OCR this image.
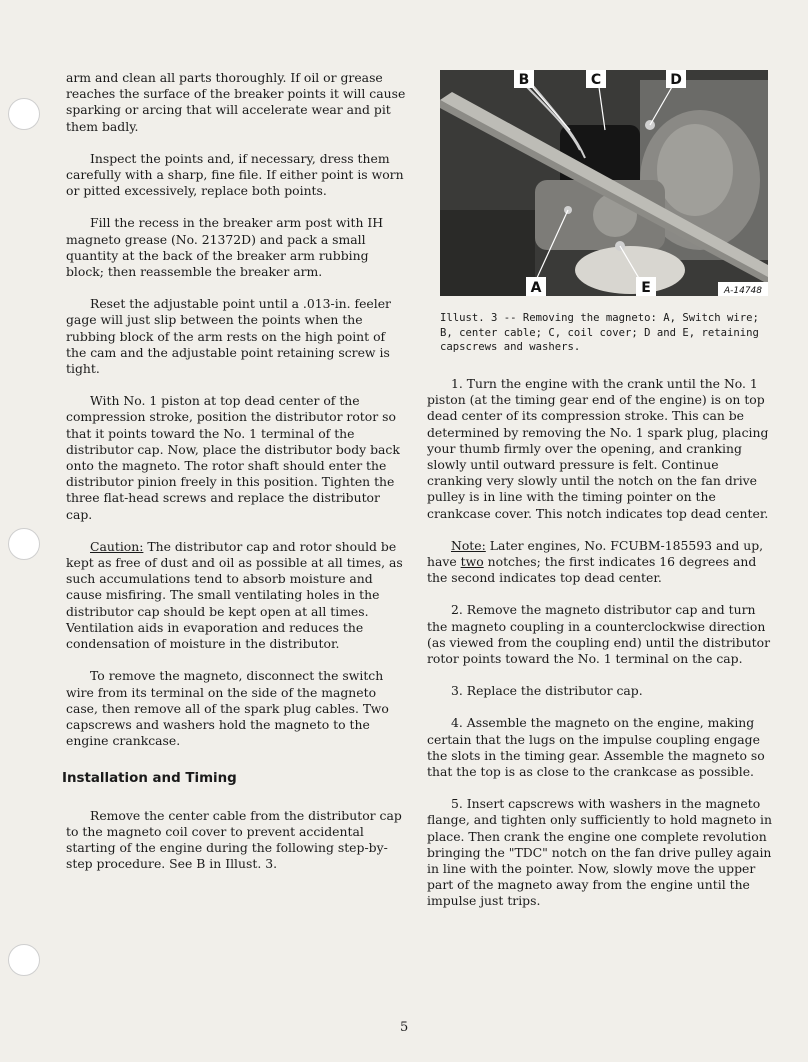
arm and clean all parts thoroughly. If oil or grease reaches the surface of the breaker points it will cause sparking or arcing that will accelerate wear and pit them badly.

Inspect the points and, if necessary, dress them carefully with a sharp, fine file. If either point is worn or pitted excessively, replace both points.

Fill the recess in the breaker arm post with IH magneto grease (No. 21372D) and pack a small quantity at the back of the breaker arm rubbing block; then reassemble the breaker arm.

Reset the adjustable point until a .013-in. feeler gage will just slip between the points when the rubbing block of the arm rests on the high point of the cam and the adjustable point retaining screw is tight.

With No. 1 piston at top dead center of the compression stroke, position the distributor rotor so that it points toward the No. 1 terminal of the distributor cap. Now, place the distributor body back onto the magneto. The rotor shaft should enter the distributor pinion freely in this position. Tighten the three flat-head screws and replace the distributor cap.

Caution: The distributor cap and rotor should be kept as free of dust and oil as possible at all times, as such accumulations tend to absorb moisture and cause misfiring. The small ventilating holes in the distributor cap should be kept open at all times. Ventilation aids in evaporation and reduces the condensation of moisture in the distributor.

To remove the magneto, disconnect the switch wire from its terminal on the side of the magneto case, then remove all of the spark plug cables. Two capscrews and washers hold the magneto to the engine crankcase.

Installation and Timing

Remove the center cable from the distributor cap to the magneto coil cover to prevent accidental starting of the engine during the following step-by-step procedure. See B in Illust. 3.

B	C	D
A	E	A-14748
Illust. 3 -- Removing the magneto: A, Switch wire; B, center cable; C, coil cover; D and E, retaining capscrews and washers.

1. Turn the engine with the crank until the No. 1 piston (at the timing gear end of the engine) is on top dead center of its compression stroke. This can be determined by removing the No. 1 spark plug, placing your thumb firmly over the opening, and cranking slowly until outward pressure is felt. Continue cranking very slowly until the notch on the fan drive pulley is in line with the timing pointer on the crankcase cover. This notch indicates top dead center.

Note: Later engines, No. FCUBM-185593 and up, have two notches; the first indicates 16 degrees and the second indicates top dead center.

2. Remove the magneto distributor cap and turn the magneto coupling in a counterclockwise direction (as viewed from the coupling end) until the distributor rotor points toward the No. 1 terminal on the cap.

3. Replace the distributor cap.

4. Assemble the magneto on the engine, making certain that the lugs on the impulse coupling engage the slots in the timing gear. Assemble the magneto so that the top is as close to the crankcase as possible.

5. Insert capscrews with washers in the magneto flange, and tighten only sufficiently to hold magneto in place. Then crank the engine one complete revolution bringing the "TDC" notch on the fan drive pulley again in line with the pointer. Now, slowly move the upper part of the magneto away from the engine until the impulse just trips.

5
